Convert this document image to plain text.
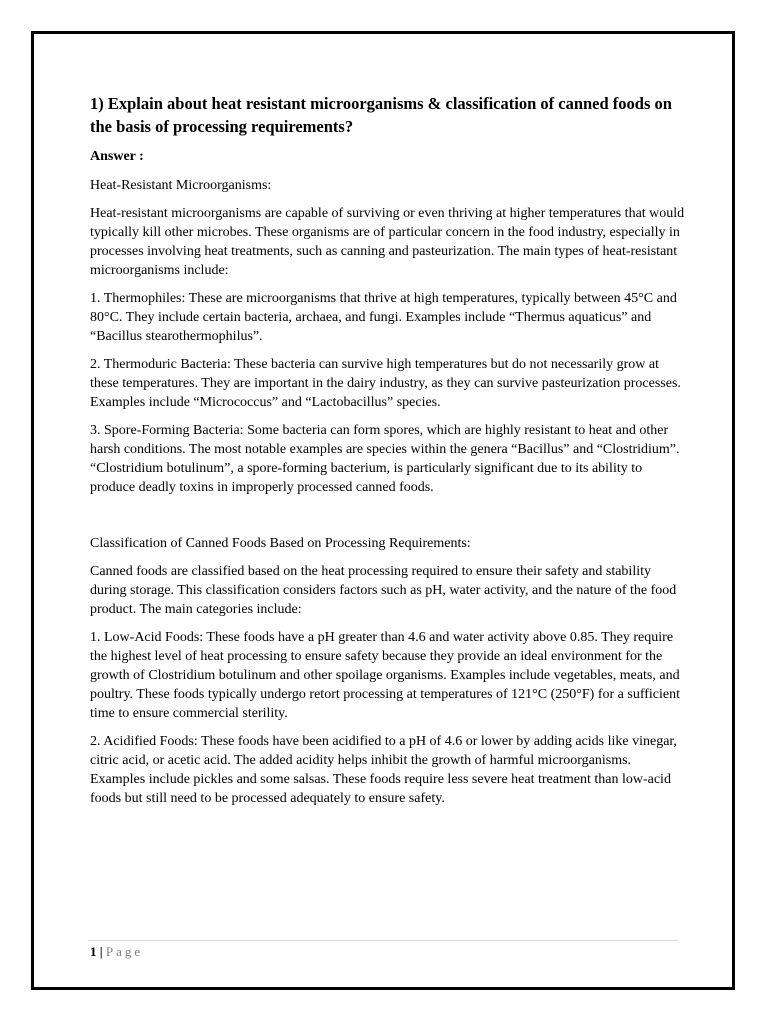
1) Explain about heat resistant microorganisms & classification of canned foods on the basis of processing requirements?
Answer :

Heat-Resistant Microorganisms:

Heat-resistant microorganisms are capable of surviving or even thriving at higher temperatures that would typically kill other microbes. These organisms are of particular concern in the food industry, especially in processes involving heat treatments, such as canning and pasteurization. The main types of heat-resistant microorganisms include:

1. Thermophiles: These are microorganisms that thrive at high temperatures, typically between 45°C and 80°C. They include certain bacteria, archaea, and fungi. Examples include “Thermus aquaticus” and “Bacillus stearothermophilus”.

2. Thermoduric Bacteria: These bacteria can survive high temperatures but do not necessarily grow at these temperatures. They are important in the dairy industry, as they can survive pasteurization processes. Examples include “Micrococcus” and “Lactobacillus” species.

3. Spore-Forming Bacteria: Some bacteria can form spores, which are highly resistant to heat and other harsh conditions. The most notable examples are species within the genera “Bacillus” and “Clostridium”. “Clostridium botulinum”, a spore-forming bacterium, is particularly significant due to its ability to produce deadly toxins in improperly processed canned foods.

Classification of Canned Foods Based on Processing Requirements:

Canned foods are classified based on the heat processing required to ensure their safety and stability during storage. This classification considers factors such as pH, water activity, and the nature of the food product. The main categories include:

1. Low-Acid Foods: These foods have a pH greater than 4.6 and water activity above 0.85. They require the highest level of heat processing to ensure safety because they provide an ideal environment for the growth of Clostridium botulinum and other spoilage organisms. Examples include vegetables, meats, and poultry. These foods typically undergo retort processing at temperatures of 121°C (250°F) for a sufficient time to ensure commercial sterility.

2. Acidified Foods: These foods have been acidified to a pH of 4.6 or lower by adding acids like vinegar, citric acid, or acetic acid. The added acidity helps inhibit the growth of harmful microorganisms. Examples include pickles and some salsas. These foods require less severe heat treatment than low-acid foods but still need to be processed adequately to ensure safety.

1 | Page
